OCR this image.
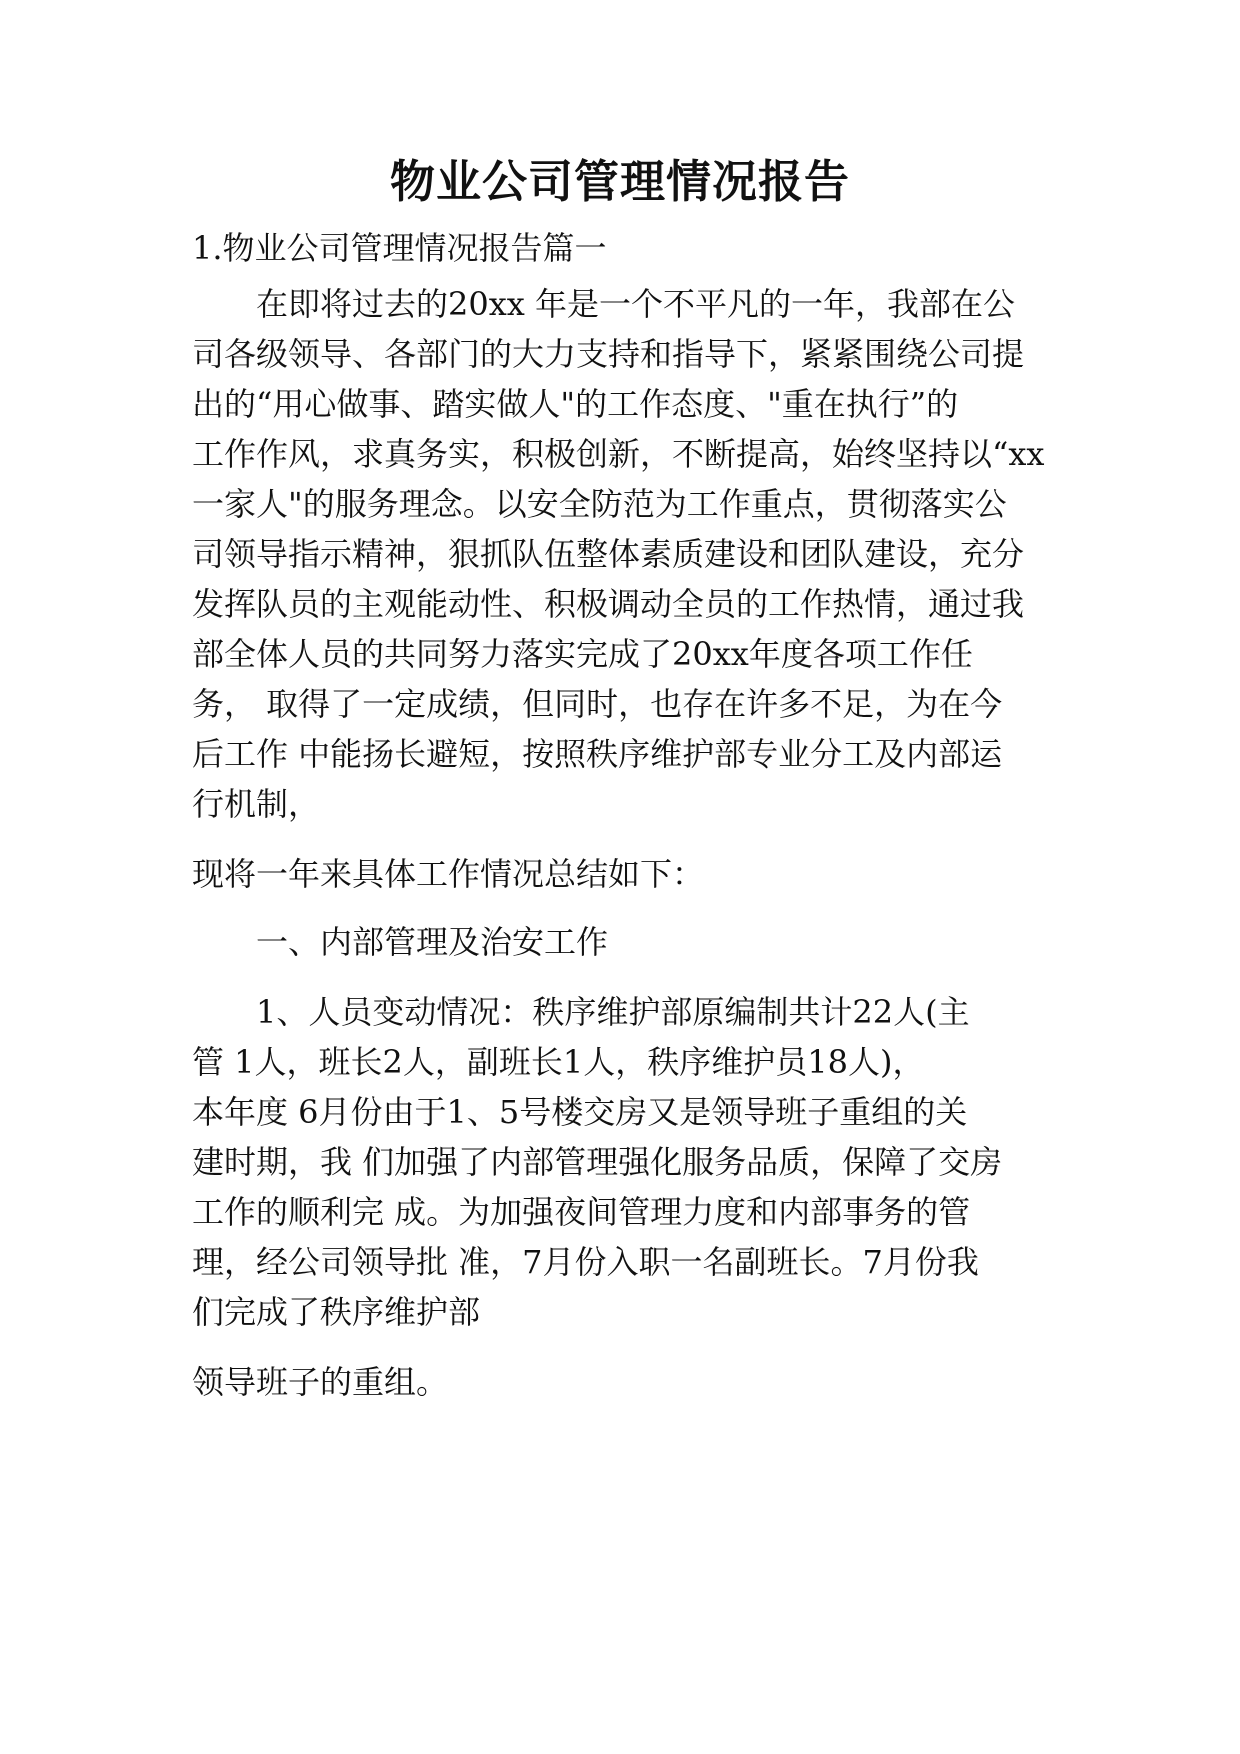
物业公司管理情况报告
1.物业公司管理情况报告篇一
在即将过去的20xx 年是一个不平凡的一年，我部在公
司各级领导、各部门的大力支持和指导下，紧紧围绕公司提
出的“用心做事、踏实做人"的工作态度、"重在执行”的
工作作风，求真务实，积极创新，不断提高，始终坚持以“xx
一家人"的服务理念。以安全防范为工作重点，贯彻落实公
司领导指示精神，狠抓队伍整体素质建设和团队建设，充分
发挥队员的主观能动性、积极调动全员的工作热情，通过我
部全体人员的共同努力落实完成了20xx年度各项工作任
务， 取得了一定成绩，但同时，也存在许多不足，为在今
后工作 中能扬长避短，按照秩序维护部专业分工及内部运
行机制，
现将一年来具体工作情况总结如下：
一、内部管理及治安工作
1、人员变动情况：秩序维护部原编制共计22人(主
管 1人，班长2人，副班长1人，秩序维护员18人)，
本年度 6月份由于1、5号楼交房又是领导班子重组的关
建时期，我 们加强了内部管理强化服务品质，保障了交房
工作的顺利完 成。为加强夜间管理力度和内部事务的管
理，经公司领导批 准，7月份入职一名副班长。7月份我
们完成了秩序维护部
领导班子的重组。
